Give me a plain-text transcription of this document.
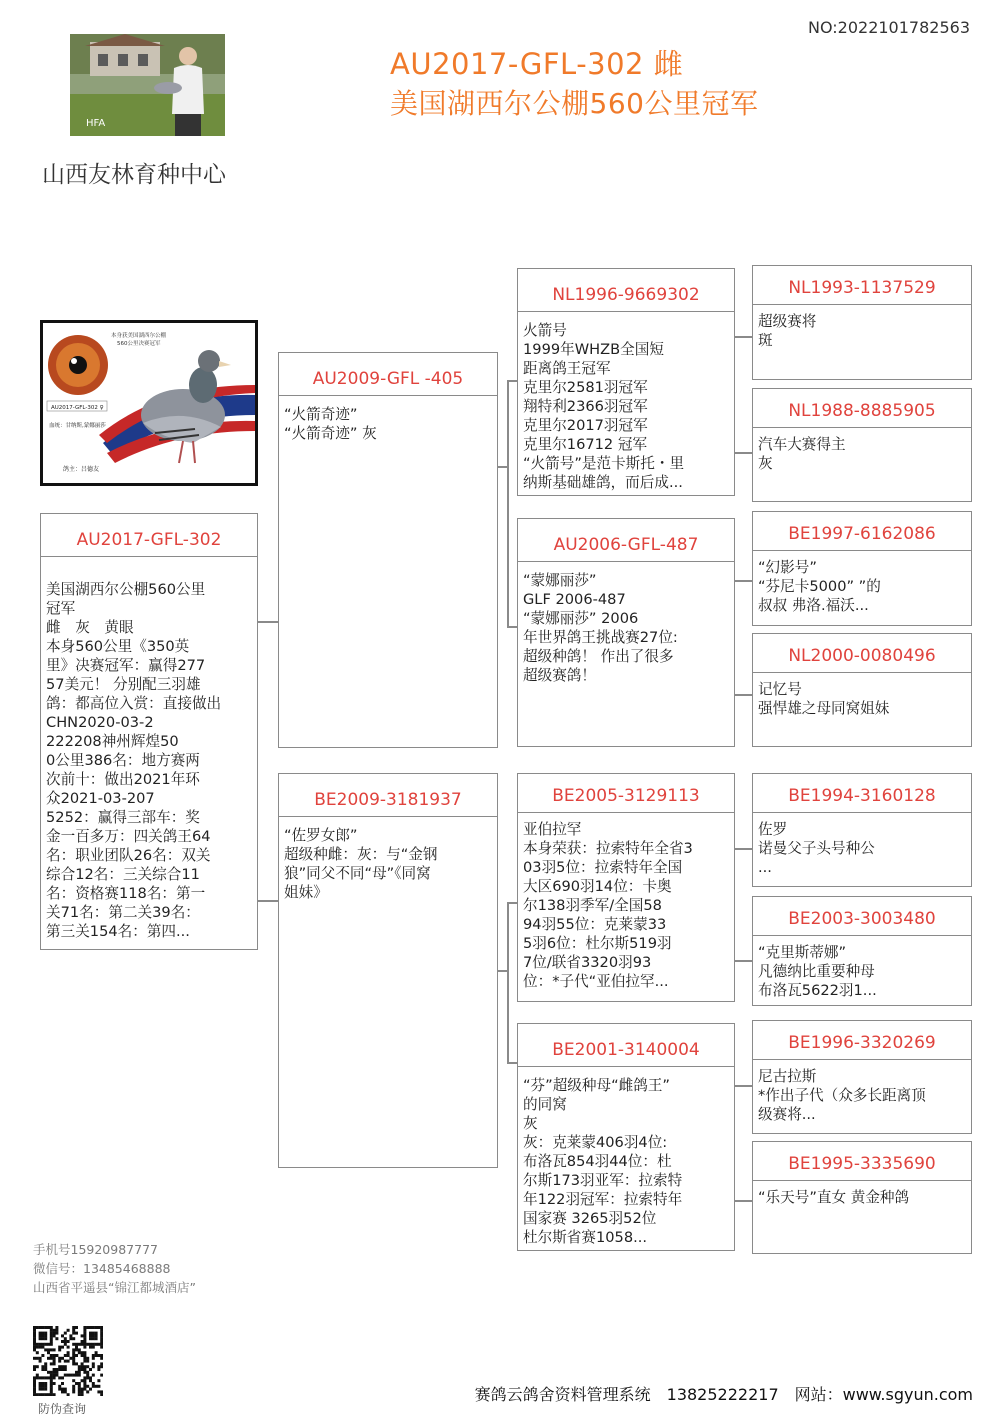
NO:2022101782563
AU2017-GFL-302 雌
美国湖西尔公棚560公里冠军
HFA
山西友林育种中心
本身获美国湖西尔公棚
560公里决赛冠军
AU2017-GFL-302 ♀
血统：甘纳斯,蒙娜丽莎
鸽主：吕德友
AU2017-GFL-302
美国湖西尔公棚560公里
冠军
雌　灰　黄眼
本身560公里《350英
里》决赛冠军：赢得277
57美元！ 分别配三羽雄
鸽：都高位入赏：直接做出
CHN2020-03-2
222208神州辉煌50
0公里386名：地方赛两
次前十：做出2021年环
众2021-03-207
5252：赢得三部车：奖
金一百多万：四关鸽王64
名：职业团队26名：双关
综合12名：三关综合11
名：资格赛118名：第一
关71名：第二关39名：
第三关154名：第四...
AU2009-GFL -405
“火箭奇迹”
“火箭奇迹” 灰
BE2009-3181937
“佐罗女郎”
超级种雌：灰：与“金钢
狼”同父不同“母”《同窝
姐妹》
NL1996-9669302
火箭号
1999年WHZB全国短
距离鸽王冠军
克里尔2581羽冠军
翔特利2366羽冠军
克里尔2017羽冠军
克里尔16712 冠军
“火箭号”是范卡斯托・里
纳斯基础雄鸽，而后成...
AU2006-GFL-487
“蒙娜丽莎”
GLF 2006-487
“蒙娜丽莎” 2006
年世界鸽王挑战赛27位:
超级种鸽！ 作出了很多
超级赛鸽！
BE2005-3129113
亚伯拉罕
本身荣获：拉索特年全省3
03羽5位：拉索特年全国
大区690羽14位：卡奥
尔138羽季军/全国58
94羽55位：克莱蒙33
5羽6位：杜尔斯519羽
7位/联省3320羽93
位：*子代“亚伯拉罕...
BE2001-3140004
“芬”超级种母“雌鸽王”
的同窝
灰
灰：克莱蒙406羽4位:
布洛瓦854羽44位：杜
尔斯173羽亚军：拉索特
年122羽冠军：拉索特年
国家赛 3265羽52位
杜尔斯省赛1058...
NL1993-1137529
超级赛将
斑
NL1988-8885905
汽车大赛得主
灰
BE1997-6162086
“幻影号”
“芬尼卡5000” ”的
叔叔 弗洛.福沃...
NL2000-0080496
记忆号
强悍雄之母同窝姐妹
BE1994-3160128
佐罗
诺曼父子头号种公
...
BE2003-3003480
“克里斯蒂娜”
凡德纳比重要种母
布洛瓦5622羽1...
BE1996-3320269
尼古拉斯
*作出子代（众多长距离顶
级赛将...
BE1995-3335690
“乐天号”直女 黄金种鸽
手机号15920987777
微信号：13485468888
山西省平遥县“锦江都城酒店”
防伪查询
赛鸽云鸽舍资料管理系统　13825222217　网站：www.sgyun.com
